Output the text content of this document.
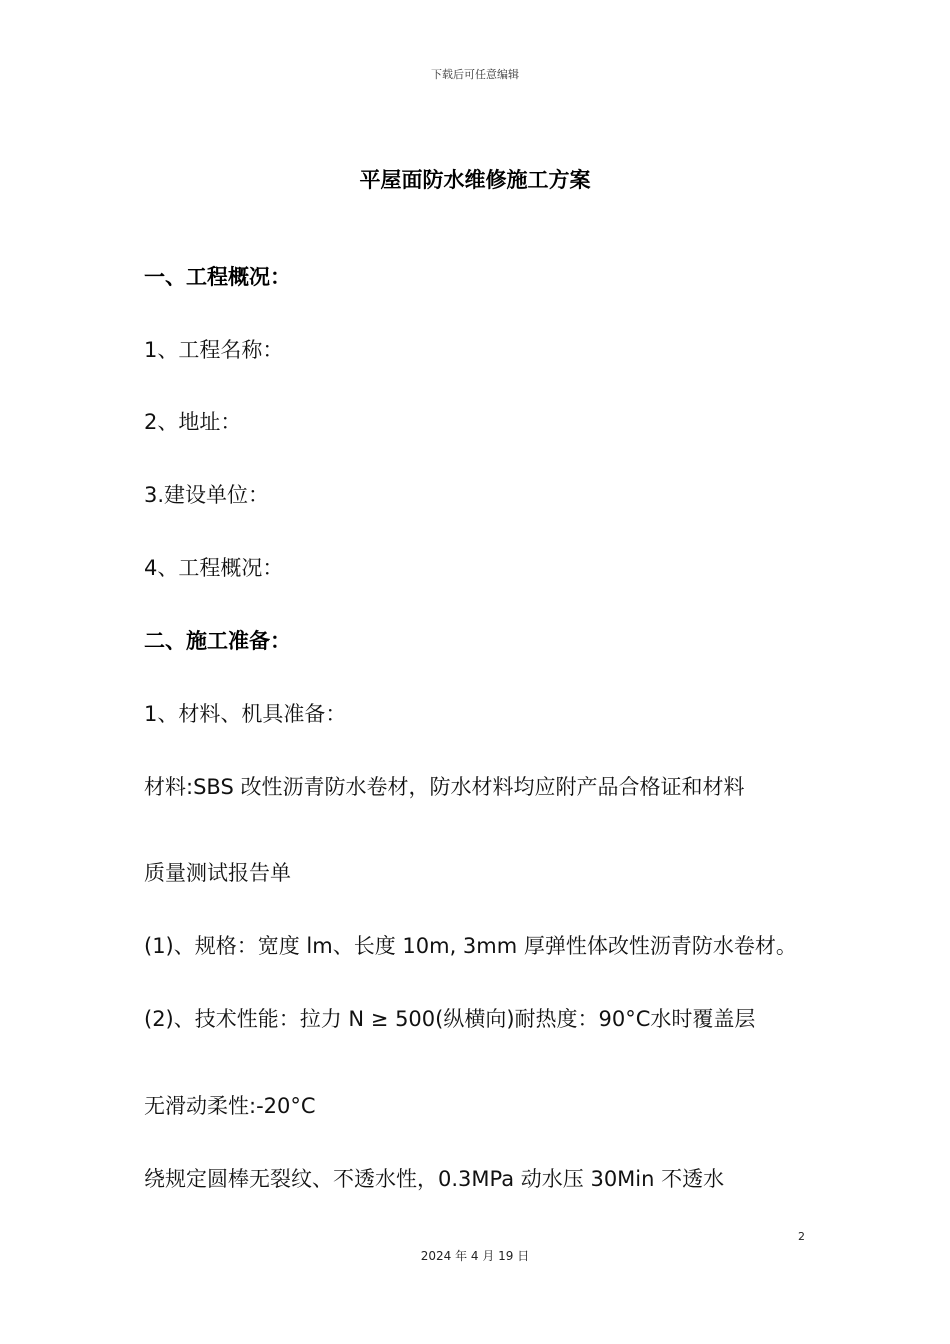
下载后可任意编辑
平屋面防水维修施工方案
一、工程概况：
1、工程名称：
2、地址：
3.建设单位：
4、工程概况：
二、施工准备：
1、材料、机具准备：
材料:SBS 改性沥青防水卷材，防水材料均应附产品合格证和材料
质量测试报告单
(1)、规格：宽度 lm、长度 10m, 3mm 厚弹性体改性沥青防水卷材。
(2)、技术性能：拉力 N ≥ 500(纵横向)耐热度：90°C水时覆盖层
无滑动柔性:-20°C
绕规定圆棒无裂纹、不透水性，0.3MPa 动水压 30Min 不透水
2
2024 年 4 月 19 日
